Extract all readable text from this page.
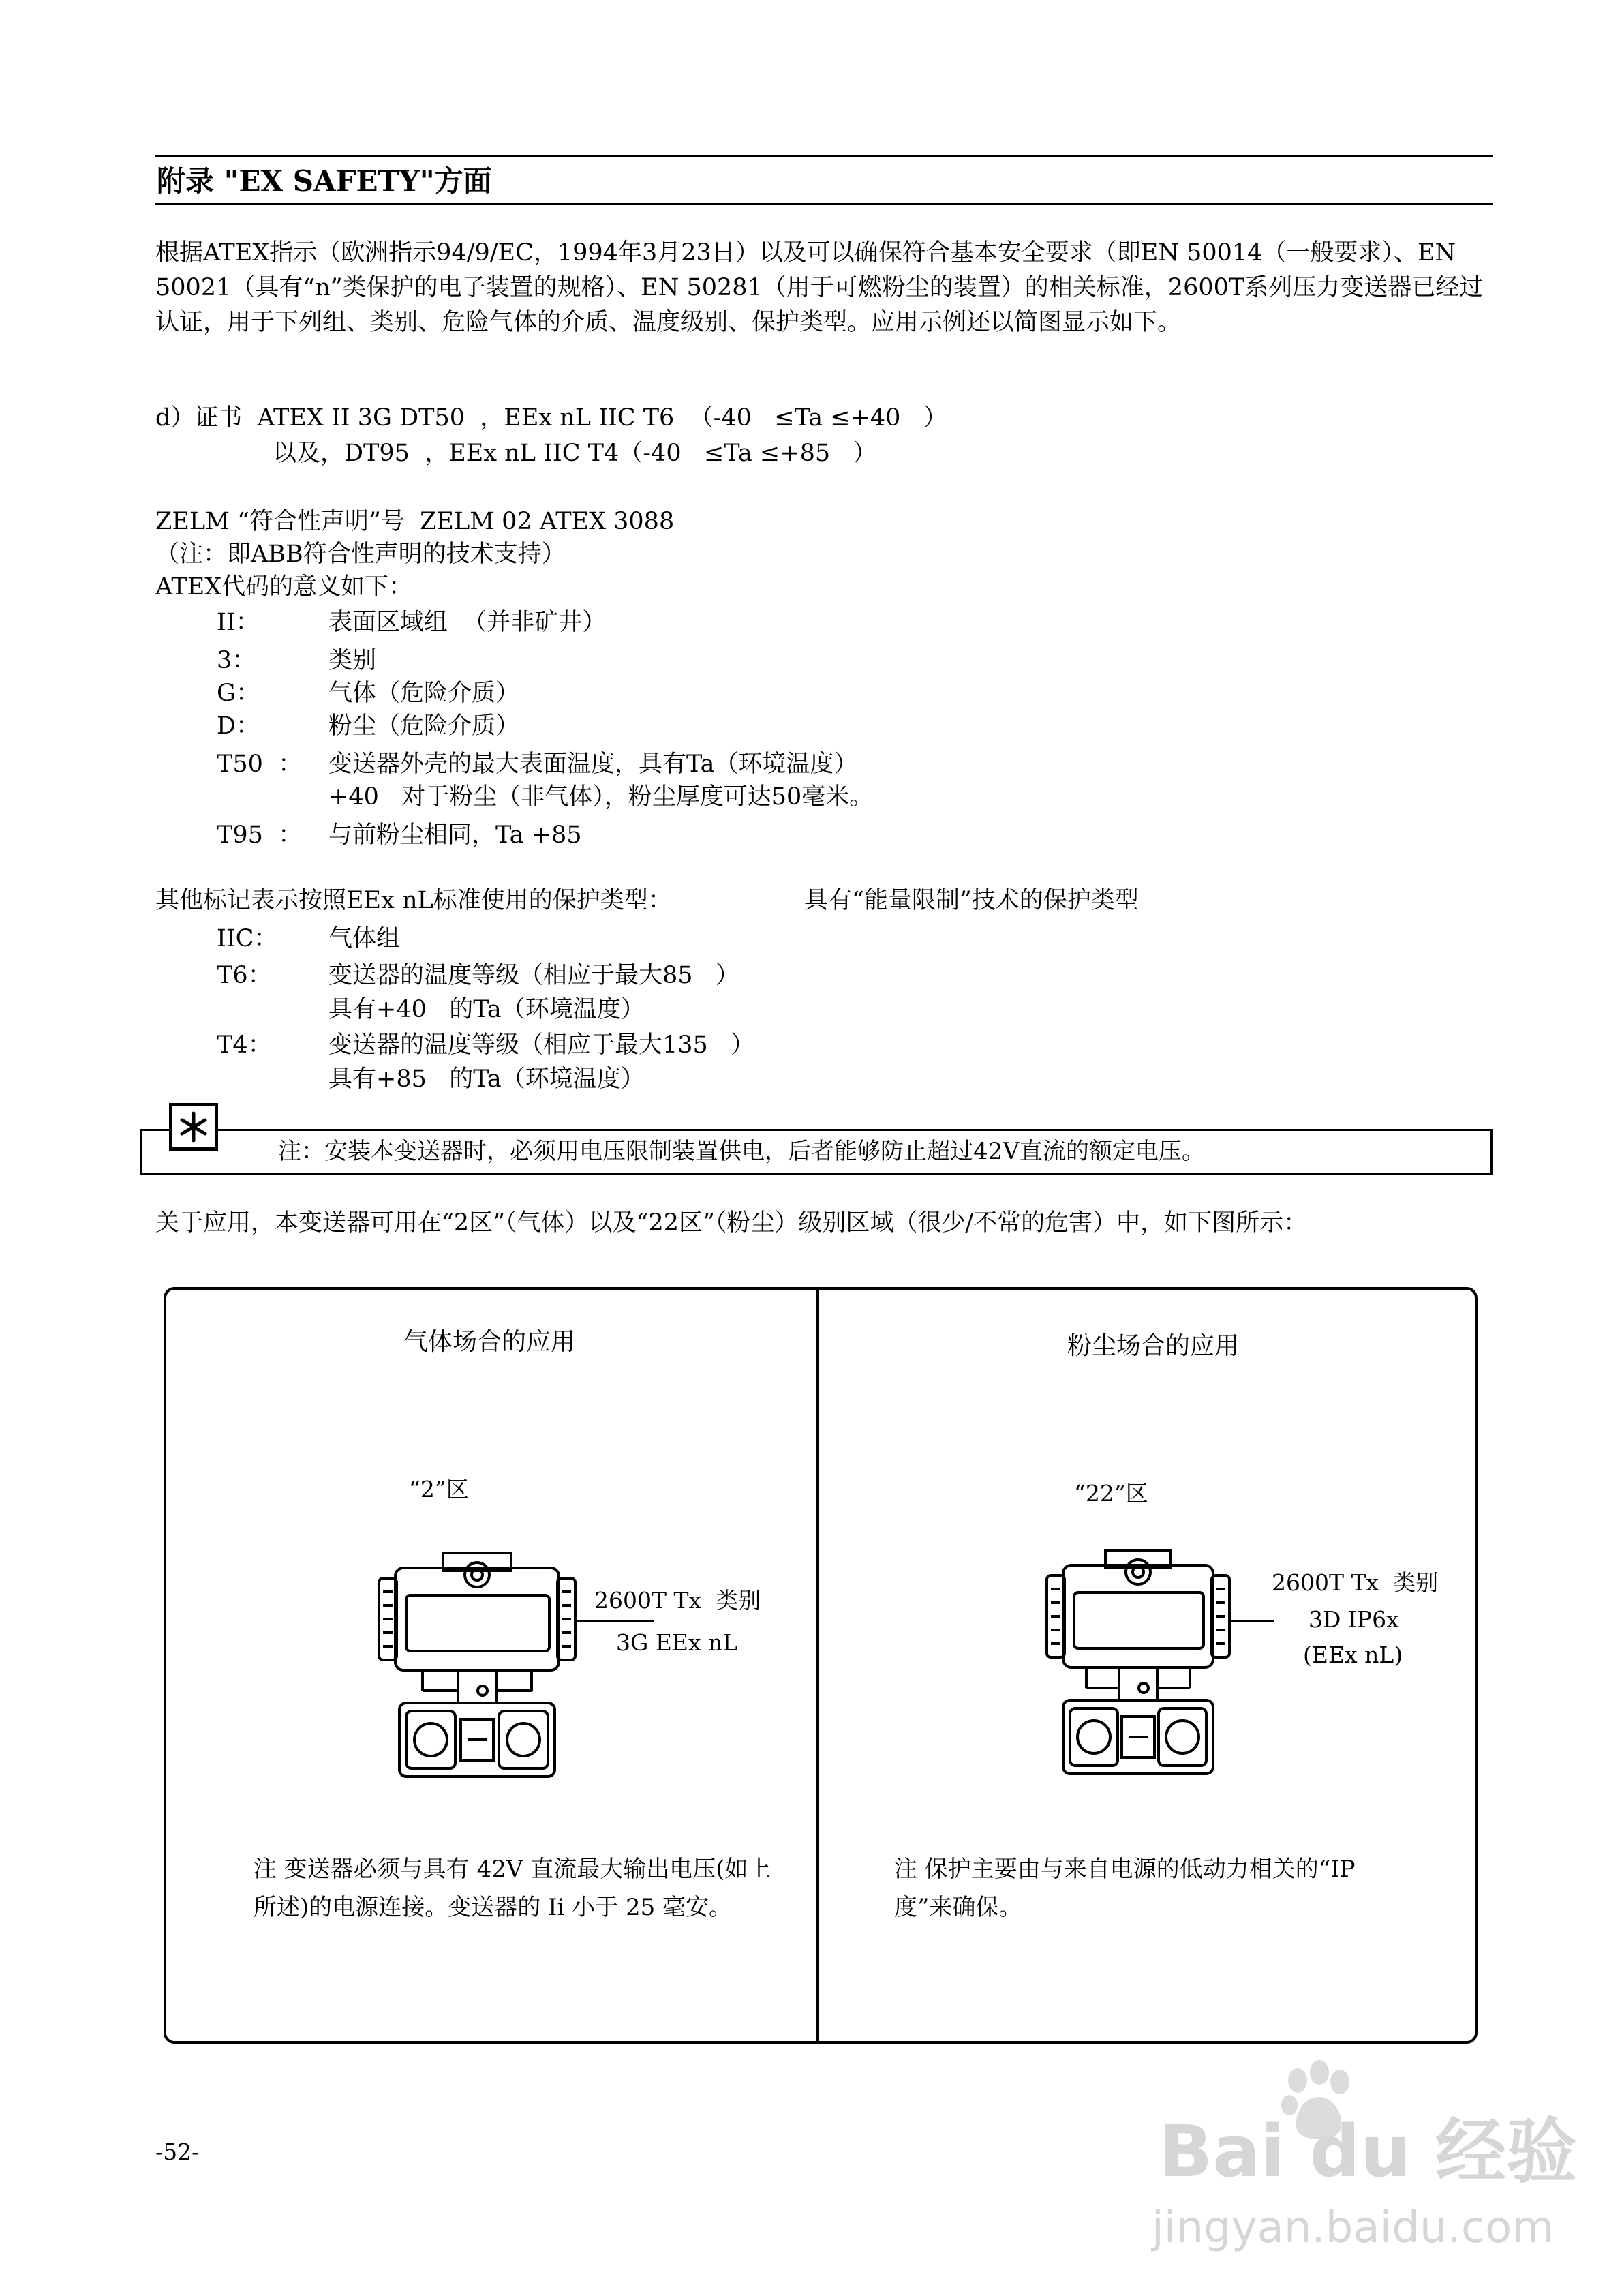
附录 "EX SAFETY"方面
根据ATEX指示（欧洲指示94/9/EC，1994年3月23日）以及可以确保符合基本安全要求（即EN 50014（一般要求）、EN 50021（具有“n”类保护的电子装置的规格）、EN 50281（用于可燃粉尘的装置）的相关标准，2600T系列压力变送器已经过认证，用于下列组、类别、危险气体的介质、温度级别、保护类型。应用示例还以简图显示如下。
d）证书  ATEX II 3G DT50  ，EEx nL IIC T6  （-40   ≤Ta ≤+40   ）
以及，DT95  ，EEx nL IIC T4（-40   ≤Ta ≤+85   ）
ZELM “符合性声明”号  ZELM 02 ATEX 3088
（注：即ABB符合性声明的技术支持）
ATEX代码的意义如下：
II：	表面区域组  （并非矿井）
3：	类别
G：	气体（危险介质）
D：	粉尘（危险介质）
T50  ： 变送器外壳的最大表面温度，具有Ta（环境温度）
+40   对于粉尘（非气体），粉尘厚度可达50毫米。
T95  ： 与前粉尘相同，Ta +85
其他标记表示按照EEx nL标准使用的保护类型：	具有“能量限制”技术的保护类型
IIC： 气体组
T6： 变送器的温度等级（相应于最大85   ）
具有+40   的Ta（环境温度）
T4： 变送器的温度等级（相应于最大135   ）
具有+85   的Ta（环境温度）
注：安装本变送器时，必须用电压限制装置供电，后者能够防止超过42V直流的额定电压。
关于应用，本变送器可用在“2区”（气体）以及“22区”（粉尘）级别区域（很少/不常的危害）中，如下图所示：
气体场合的应用
“2”区
2600T Tx  类别
3G EEx nL
注 变送器必须与具有 42V 直流最大输出电压(如上所述)的电源连接。变送器的 Ii 小于 25 毫安。
粉尘场合的应用
“22”区
2600T Tx  类别
3D IP6x
(EEx nL)
注 保护主要由与来自电源的低动力相关的“IP 度”来确保。
-52-	Bai du 经验
jingyan.baidu.com
